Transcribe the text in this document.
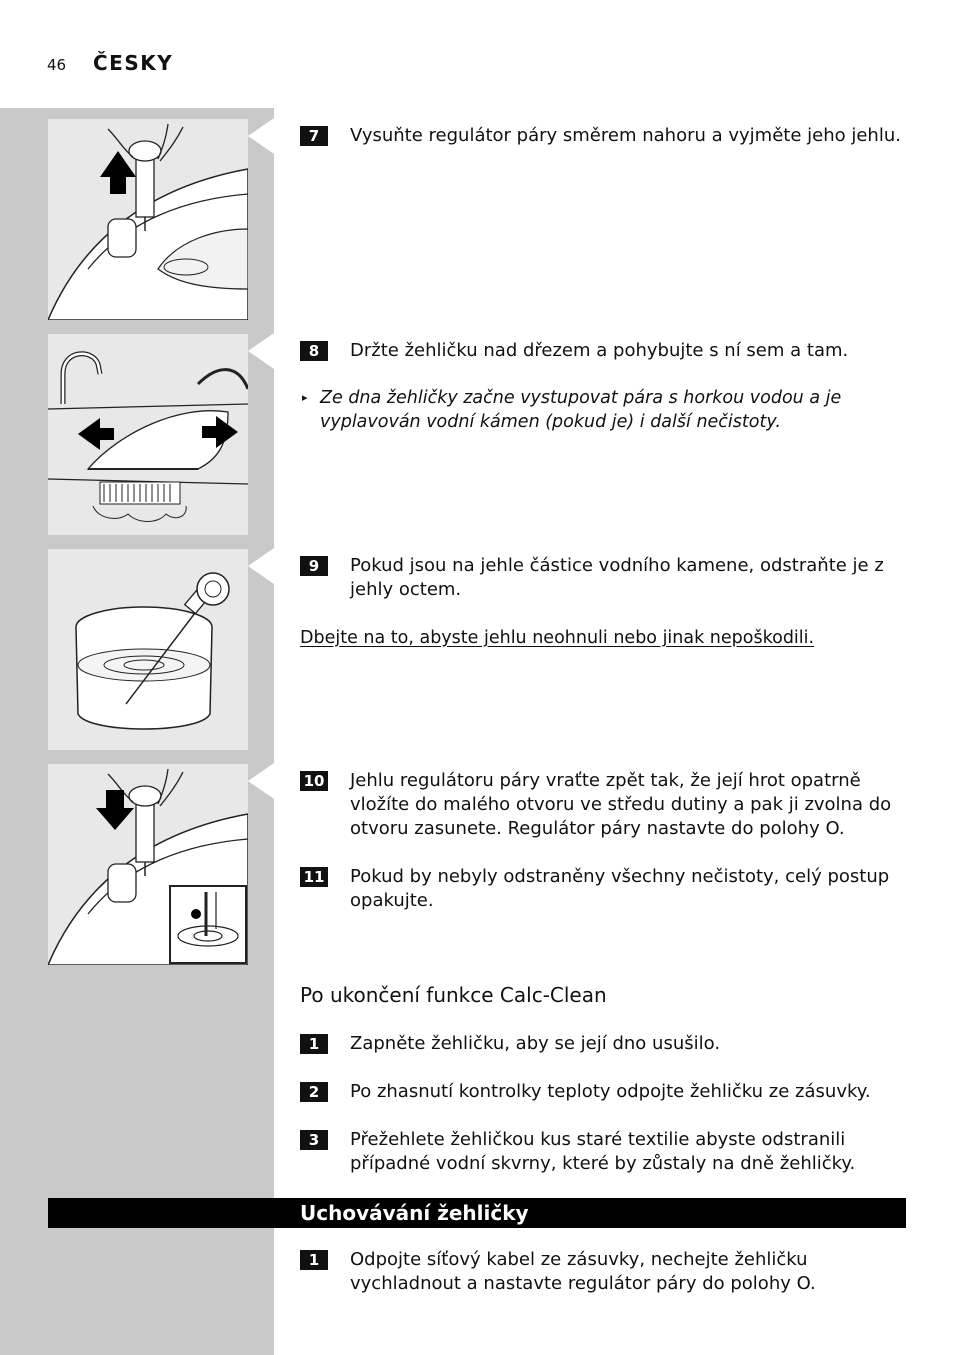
46 ČESKY
7	Vysuňte regulátor páry směrem nahoru a vyjměte jeho jehlu.
8	Držte žehličku nad dřezem a pohybujte s ní sem a tam.
▸ Ze dna žehličky začne vystupovat pára s horkou vodou a je vyplavován vodní kámen (pokud je) i další nečistoty.
9	Pokud jsou na jehle částice vodního kamene, odstraňte je z jehly octem.
Dbejte na to, abyste jehlu neohnuli nebo jinak nepoškodili.
10	Jehlu regulátoru páry vraťte zpět tak, že její hrot opatrně vložíte do malého otvoru ve středu dutiny a pak ji zvolna do otvoru zasunete. Regulátor páry nastavte do polohy O.
11	Pokud by nebyly odstraněny všechny nečistoty, celý postup opakujte.
Po ukončení funkce Calc-Clean
1	Zapněte žehličku, aby se její dno usušilo.
2	Po zhasnutí kontrolky teploty odpojte žehličku ze zásuvky.
3	Přežehlete žehličkou kus staré textilie abyste odstranili případné vodní skvrny, které by zůstaly na dně žehličky.
Uchovávání žehličky
1	Odpojte síťový kabel ze zásuvky, nechejte žehličku vychladnout a nastavte regulátor páry do polohy O.
